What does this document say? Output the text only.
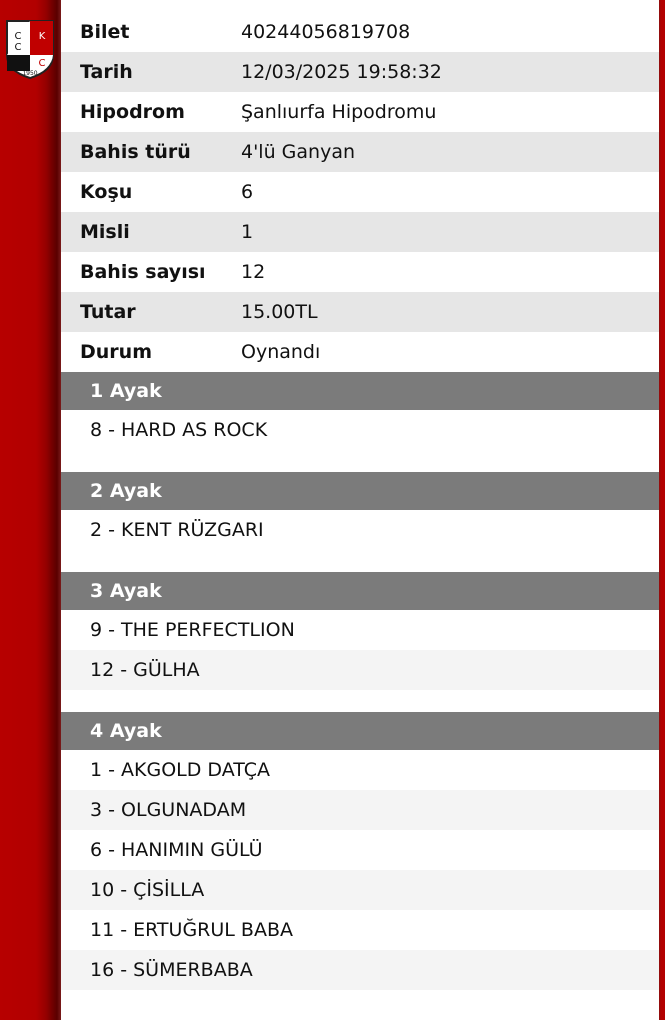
C
C
K
C
1950
Bilet	40244056819708
Tarih	12/03/2025 19:58:32
Hipodrom	Şanlıurfa Hipodromu
Bahis türü	4'lü Ganyan
Koşu	6
Misli	1
Bahis sayısı	12
Tutar	15.00TL
Durum	Oynandı
1 Ayak
8 - HARD AS ROCK
2 Ayak
2 - KENT RÜZGARI
3 Ayak
9 - THE PERFECTLION
12 - GÜLHA
4 Ayak
1 - AKGOLD DATÇA
3 - OLGUNADAM
6 - HANIMIN GÜLÜ
10 - ÇİSİLLA
11 - ERTUĞRUL BABA
16 - SÜMERBABA
